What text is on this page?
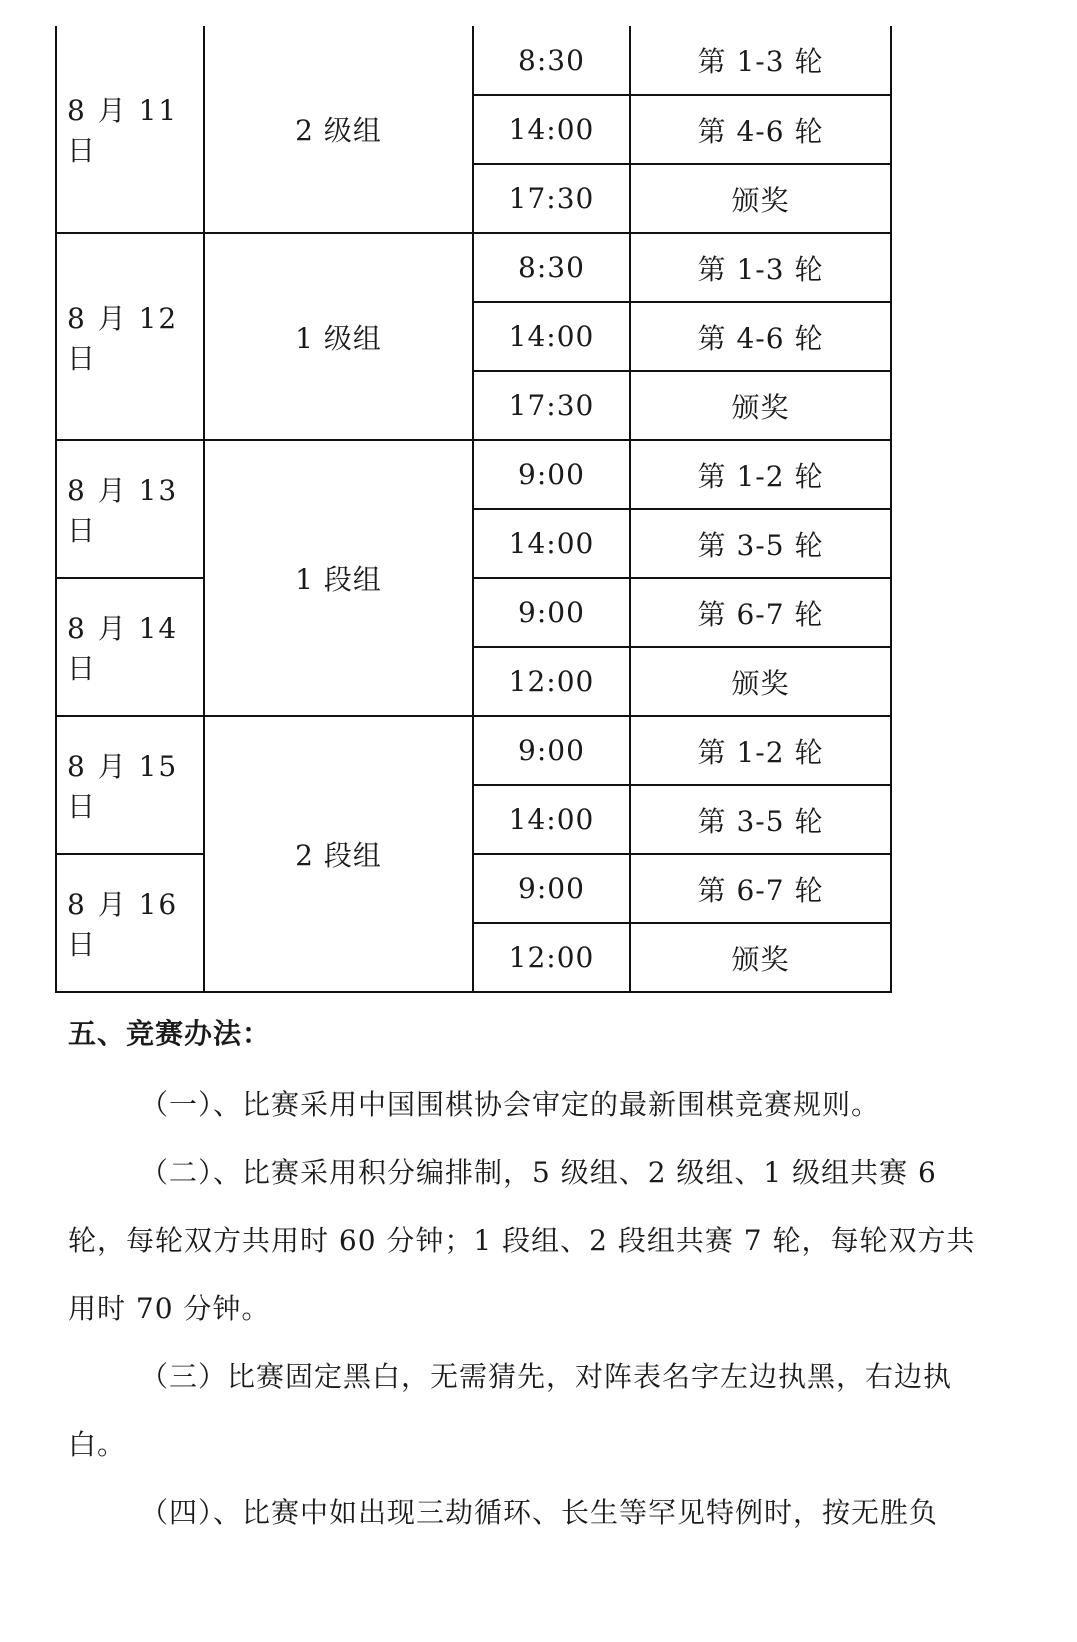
8 月 11 日	2 级组	8:30	第 1-3 轮
		14:00	第 4-6 轮
		17:30	颁奖
8 月 12 日	1 级组	8:30	第 1-3 轮
		14:00	第 4-6 轮
		17:30	颁奖
8 月 13 日	1 段组	9:00	第 1-2 轮
		14:00	第 3-5 轮
8 月 14 日		9:00	第 6-7 轮
		12:00	颁奖
8 月 15 日	2 段组	9:00	第 1-2 轮
		14:00	第 3-5 轮
8 月 16 日		9:00	第 6-7 轮
		12:00	颁奖
五、竞赛办法：
（一）、比赛采用中国围棋协会审定的最新围棋竞赛规则。
（二）、比赛采用积分编排制，5 级组、2 级组、1 级组共赛 6
轮，每轮双方共用时 60 分钟；1 段组、2 段组共赛 7 轮，每轮双方共
用时 70 分钟。
（三）比赛固定黑白，无需猜先，对阵表名字左边执黑，右边执
白。
（四）、比赛中如出现三劫循环、长生等罕见特例时，按无胜负
